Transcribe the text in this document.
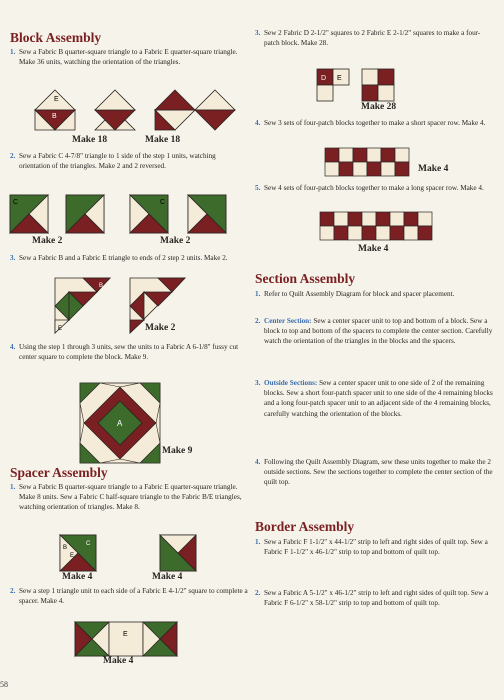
Block Assembly
1. Sew a Fabric B quarter-square triangle to a Fabric E quarter-square triangle. Make 36 units, watching the orientation of the triangles.
E
B
Make 18	Make 18
2. Sew a Fabric C 4-7/8" triangle to 1 side of the step 1 units, watching orientation of the triangles. Make 2 and 2 reversed.
C	C
Make 2	Make 2
3. Sew a Fabric B and a Fabric E triangle to ends of 2 step 2 units. Make 2.
B
E	Make 2
4. Using the step 1 through 3 units, sew the units to a Fabric A 6-1/8" fussy cut center square to complete the block. Make 9.
A
Make 9
Spacer Assembly
1. Sew a Fabric B quarter-square triangle to a Fabric E quarter-square triangle. Make 8 units. Sew a Fabric C half-square triangle to the Fabric B/E triangles, watching orientation of triangles. Make 8.
B
E
C
Make 4	Make 4
2. Sew a step 1 triangle unit to each side of a Fabric E 4-1/2" square to complete a spacer. Make 4.
E
Make 4
58
3. Sew 2 Fabric D 2-1/2" squares to 2 Fabric E 2-1/2" squares to make a four-patch block. Make 28.
D E
Make 28
4. Sew 3 sets of four-patch blocks together to make a short spacer row. Make 4.
Make 4
5. Sew 4 sets of four-patch blocks together to make a long spacer row. Make 4.
Make 4
Section Assembly
1. Refer to Quilt Assembly Diagram for block and spacer placement.
2. Center Section: Sew a center spacer unit to top and bottom of a block. Sew a block to top and bottom of the spacers to complete the center section. Carefully watch the orientation of the triangles in the blocks and the spacers.
3. Outside Sections: Sew a center spacer unit to one side of 2 of the remaining blocks. Sew a short four-patch spacer unit to one side of the 4 remaining blocks and a long four-patch spacer unit to an adjacent side of the 4 remaining blocks, carefully watching the orientation of the blocks.
4. Following the Quilt Assembly Diagram, sew these units together to make the 2 outside sections. Sew the sections together to complete the center section of the quilt top.
Border Assembly
1. Sew a Fabric F 1-1/2" x 44-1/2" strip to left and right sides of quilt top. Sew a Fabric F 1-1/2" x 46-1/2" strip to top and bottom of quilt top.
2. Sew a Fabric A 5-1/2" x 46-1/2" strip to left and right sides of quilt top. Sew a Fabric F 6-1/2" x 58-1/2" strip to top and bottom of quilt top.
